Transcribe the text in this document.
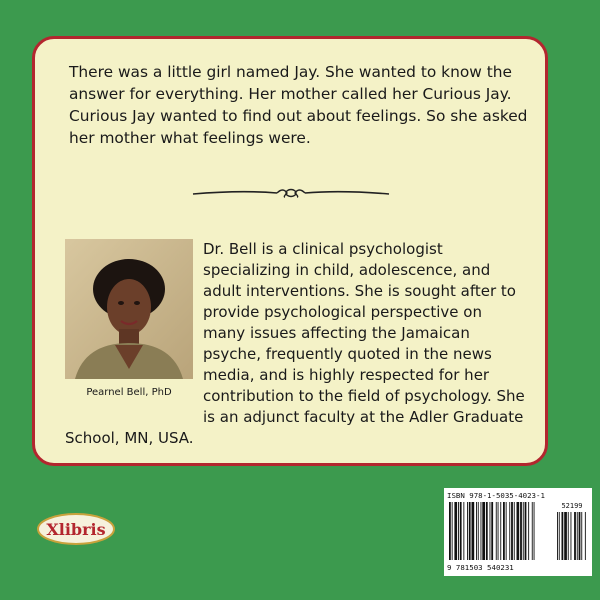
There was a little girl named Jay. She wanted to know the answer for everything. Her mother called her Curious Jay. Curious Jay wanted to find out about feelings. So she asked her mother what feelings were.

Dr. Bell is a clinical psychologist specializing in child, adolescence, and adult interventions. She is sought after to provide psychological perspective on many issues affecting the Jamaican psyche, frequently quoted in the news media, and is highly respected for her contribution to the field of psychology. She is an adjunct faculty at the Adler Graduate School, MN, USA.

Pearnel Bell, PhD

Xlibris

ISBN 978-1-5035-4023-1

52199

9 781503 540231
